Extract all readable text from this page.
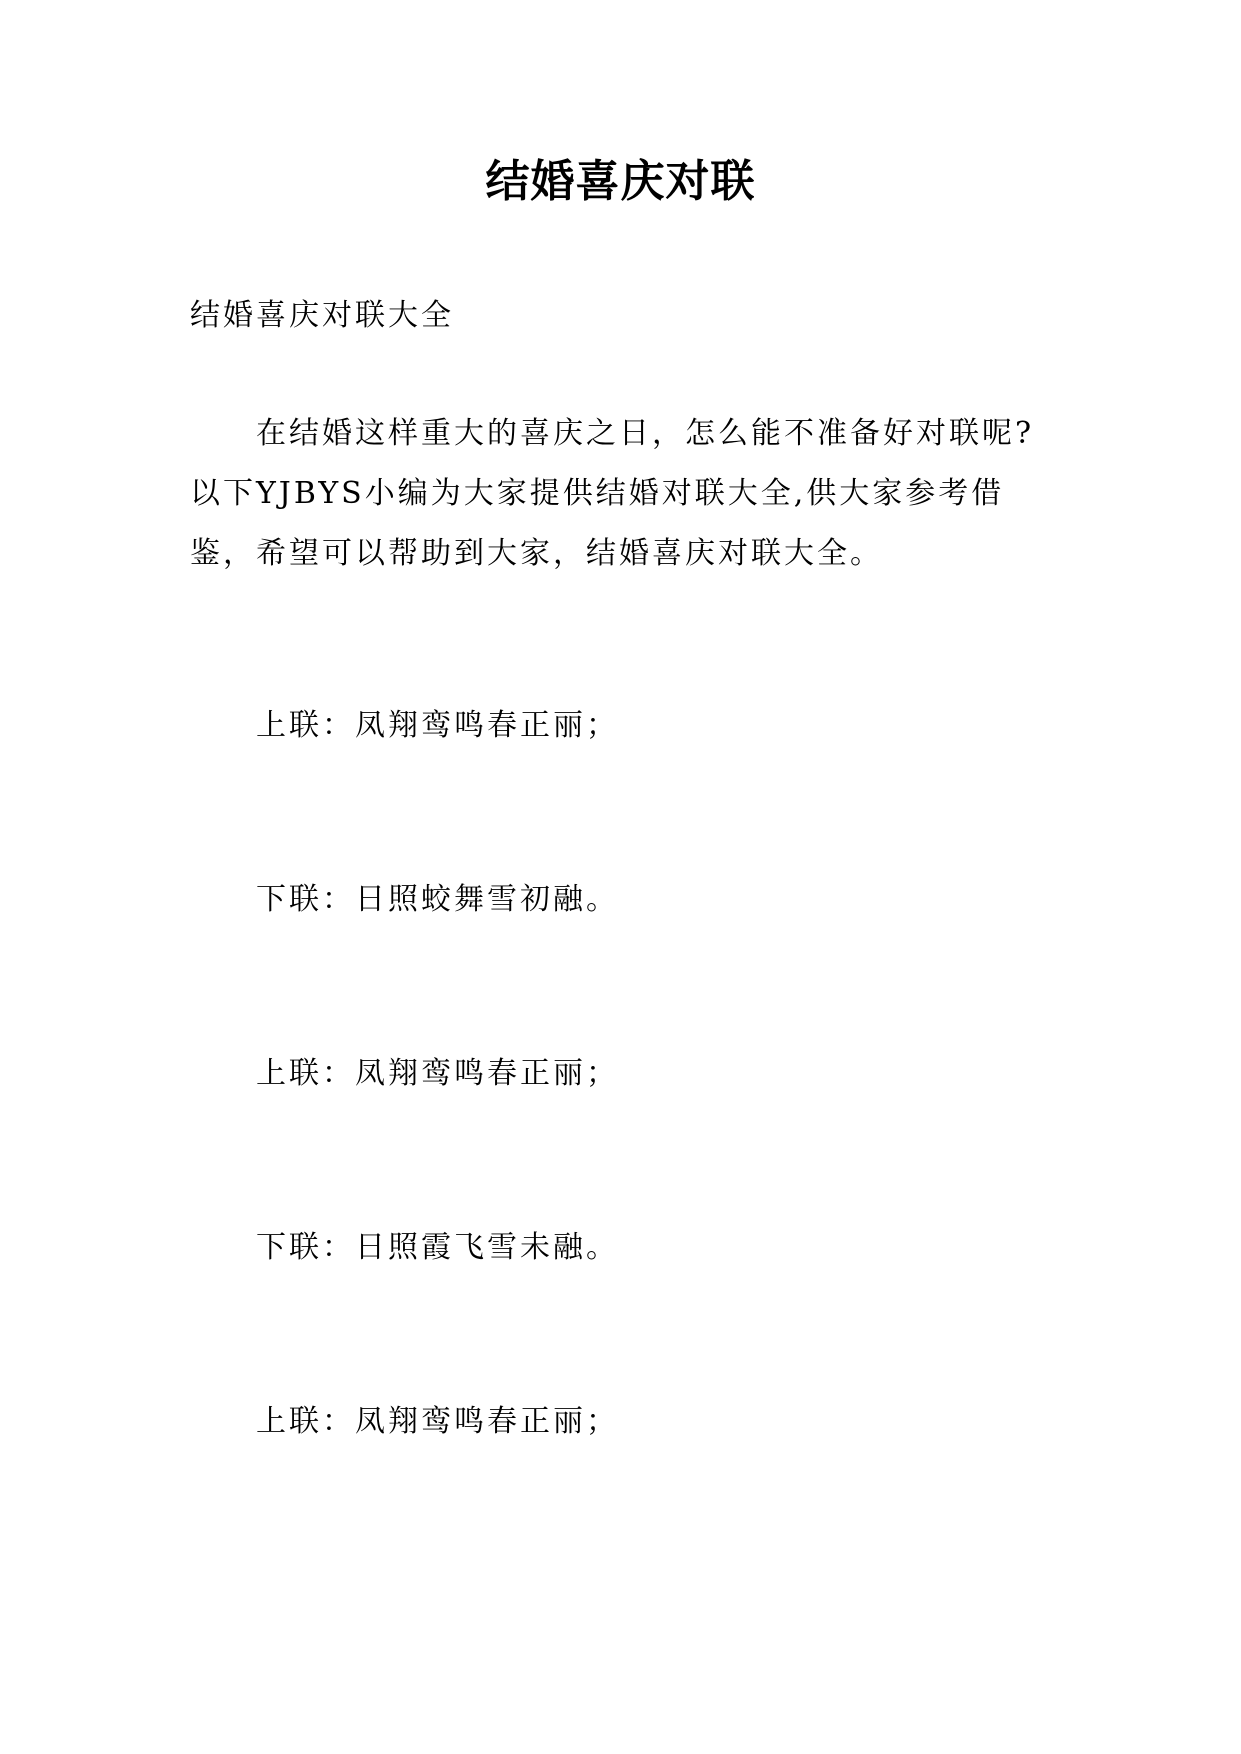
结婚喜庆对联
结婚喜庆对联大全

在结婚这样重大的喜庆之日，怎么能不准备好对联呢?以下YJBYS小编为大家提供结婚对联大全,供大家参考借鉴，希望可以帮助到大家，结婚喜庆对联大全。

上联：凤翔鸾鸣春正丽；
下联：日照蛟舞雪初融。
上联：凤翔鸾鸣春正丽；
下联：日照霞飞雪未融。
上联：凤翔鸾鸣春正丽；
